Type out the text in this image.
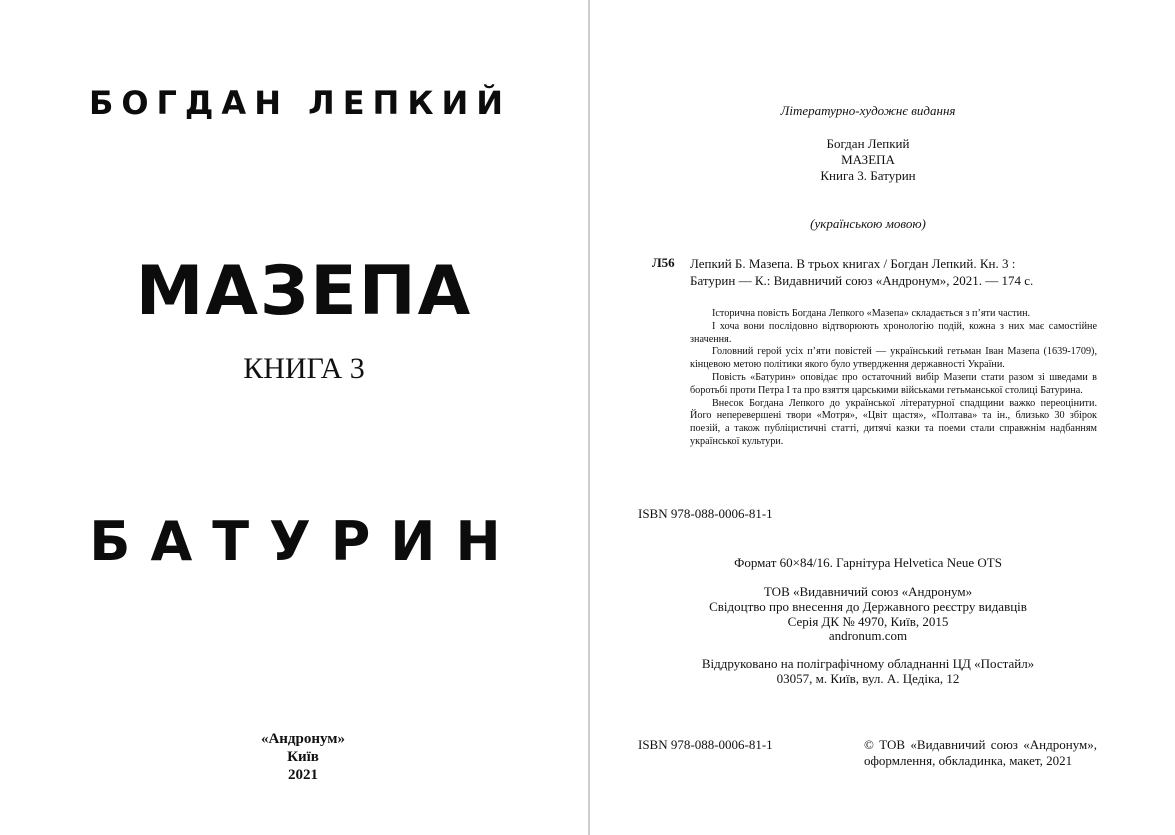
БОГДАН ЛЕПКИЙ
МАЗЕПА
КНИГА 3
БАТУРИН
«Андронум»
Київ
2021
Літературно-художнє видання
Богдан Лепкий
МАЗЕПА
Книга 3. Батурин
(українською мовою)
Л56 Лепкий Б. Мазепа. В трьох книгах / Богдан Лепкий. Кн. 3 :
Батурин — К.: Видавничий союз «Андронум», 2021. — 174 с.

Історична повість Богдана Лепкого «Мазепа» складається з п’яти частин.

І хоча вони послідовно відтворюють хронологію подій, кожна з них має самостійне значення.

Головний герой усіх п’яти повістей — український гетьман Іван Мазепа (1639-1709), кінцевою метою політики якого було утвердження державності України.

Повість «Батурин» оповідає про остаточний вибір Мазепи стати разом зі шведами в боротьбі проти Петра І та про взяття царськими військами гетьманської столиці Батурина.

Внесок Богдана Лепкого до української літературної спадщини важко переоцінити. Його неперевершені твори «Мотря», «Цвіт щастя», «Полтава» та ін., близько 30 збірок поезій, а також публіцистичні статті, дитячі казки та поеми стали справжнім надбанням української культури.

ISBN 978-088-0006-81-1
Формат 60×84/16. Гарнітура Helvetica Neue OTS
ТОВ «Видавничий союз «Андронум»
Свідоцтво про внесення до Державного реєстру видавців
Серія ДК № 4970, Київ, 2015
andronum.com
Віддруковано на поліграфічному обладнанні ЦД «Постайл»
03057, м. Київ, вул. А. Цедіка, 12
ISBN 978-088-0006-81-1	© ТОВ «Видавничий союз «Андронум», оформлення, обкладинка, макет, 2021
